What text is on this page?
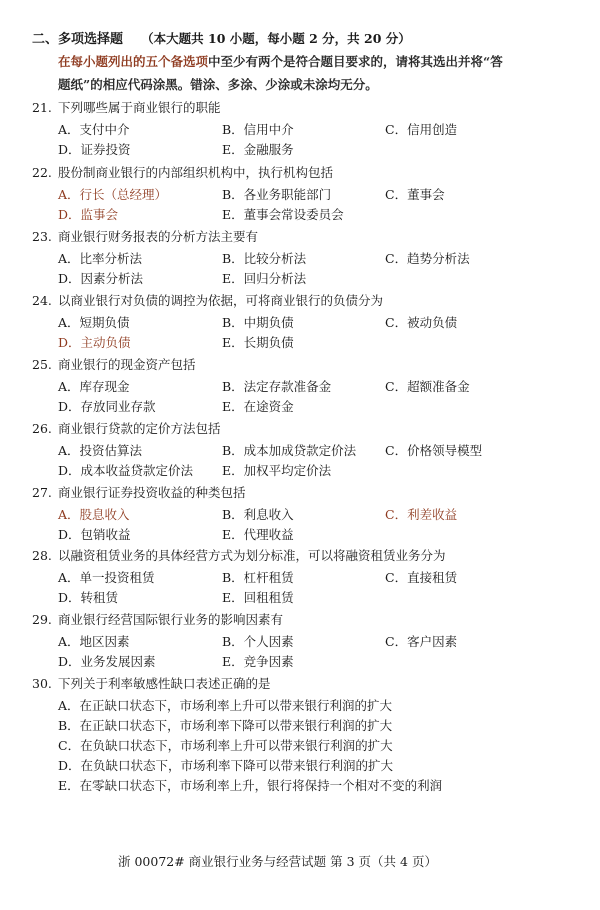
二、多项选择题 （本大题共 10 小题，每小题 2 分，共 20 分）
在每小题列出的五个备选项中至少有两个是符合题目要求的，请将其选出并将“答
题纸”的相应代码涂黑。错涂、多涂、少涂或未涂均无分。
21. 下列哪些属于商业银行的职能
A．支付中介	B．信用中介	C．信用创造
D．证券投资	E．金融服务
22. 股份制商业银行的内部组织机构中，执行机构包括
A．行长（总经理）	B．各业务职能部门	C．董事会
D．监事会	E．董事会常设委员会
23. 商业银行财务报表的分析方法主要有
A．比率分析法	B．比较分析法	C．趋势分析法
D．因素分析法	E．回归分析法
24. 以商业银行对负债的调控为依据，可将商业银行的负债分为
A．短期负债	B．中期负债	C．被动负债
D．主动负债	E．长期负债
25. 商业银行的现金资产包括
A．库存现金	B．法定存款准备金	C．超额准备金
D．存放同业存款	E．在途资金
26. 商业银行贷款的定价方法包括
A．投资估算法	B．成本加成贷款定价法 C．价格领导模型
D．成本收益贷款定价法 E．加权平均定价法
27. 商业银行证券投资收益的种类包括
A．股息收入	B．利息收入	C．利差收益
D．包销收益	E．代理收益
28. 以融资租赁业务的具体经营方式为划分标准，可以将融资租赁业务分为
A．单一投资租赁	B．杠杆租赁	C．直接租赁
D．转租赁	E．回租租赁
29. 商业银行经营国际银行业务的影响因素有
A．地区因素	B．个人因素	C．客户因素
D．业务发展因素	E．竞争因素
30. 下列关于利率敏感性缺口表述正确的是
A．在正缺口状态下，市场利率上升可以带来银行利润的扩大
B．在正缺口状态下，市场利率下降可以带来银行利润的扩大
C．在负缺口状态下，市场利率上升可以带来银行利润的扩大
D．在负缺口状态下，市场利率下降可以带来银行利润的扩大
E．在零缺口状态下，市场利率上升，银行将保持一个相对不变的利润
浙 00072# 商业银行业务与经营试题 第 3 页（共 4 页）
